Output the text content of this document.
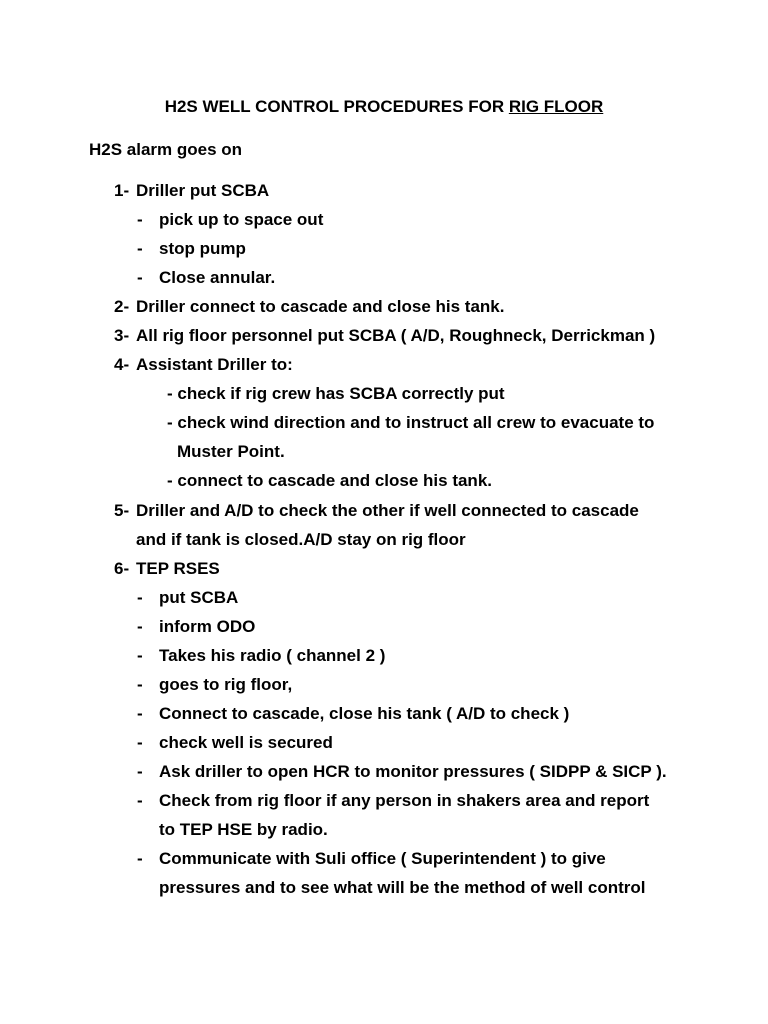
H2S WELL CONTROL PROCEDURES FOR RIG FLOOR
H2S alarm goes on
1- Driller put SCBA
- pick up to space out
- stop pump
- Close annular.
2- Driller connect to cascade and close his tank.
3- All rig floor personnel put SCBA ( A/D, Roughneck, Derrickman )
4- Assistant Driller to:
- check if rig crew has SCBA correctly put
- check wind direction and to instruct all crew to evacuate to
Muster Point.
- connect to cascade and close his tank.
5- Driller and A/D to check the other if well connected to cascade
and if tank is closed.A/D stay on rig floor
6- TEP RSES
- put SCBA
- inform ODO
- Takes his radio ( channel 2 )
- goes to rig floor,
- Connect to cascade, close his tank ( A/D to check )
- check well is secured
- Ask driller to open HCR to monitor pressures ( SIDPP & SICP ).
- Check from rig floor if any person in shakers area and report
to TEP HSE by radio.
- Communicate with Suli office ( Superintendent ) to give
pressures and to see what will be the method of well control
